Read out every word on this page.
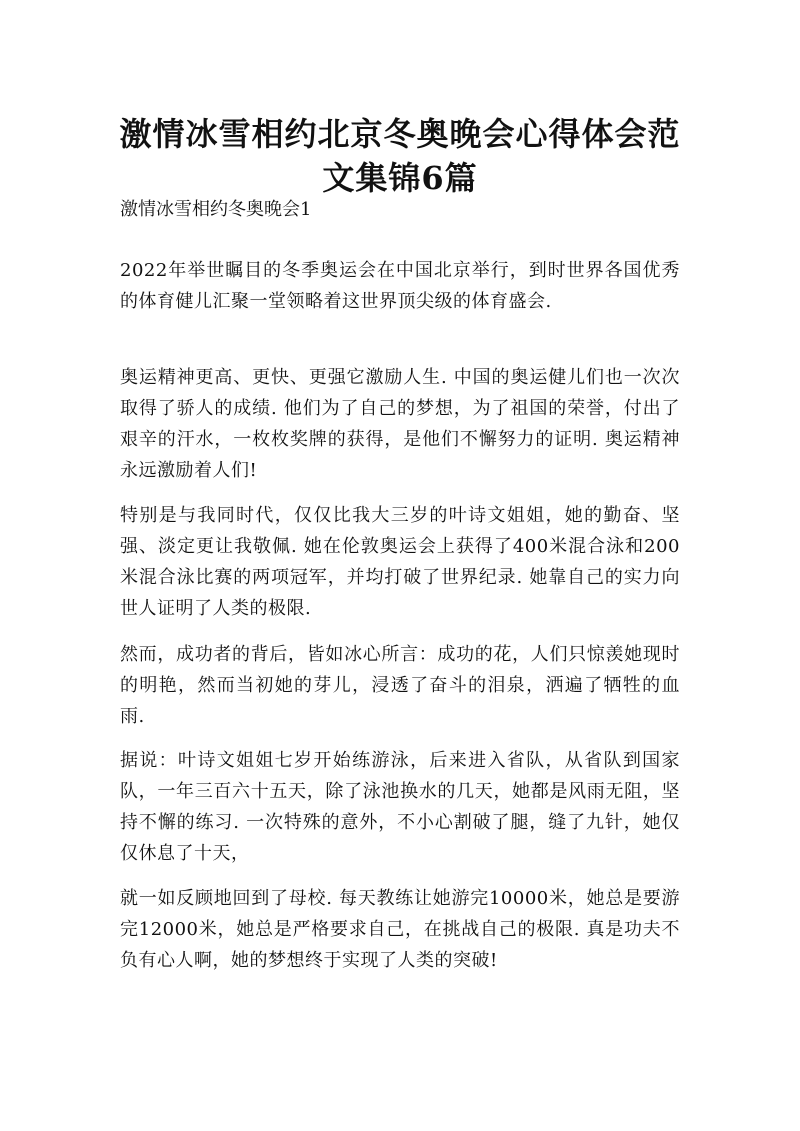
激情冰雪相约北京冬奥晚会心得体会范文集锦6篇

激情冰雪相约冬奥晚会1

2022年举世瞩目的冬季奥运会在中国北京举行，到时世界各国优秀的体育健儿汇聚一堂领略着这世界顶尖级的体育盛会.

奥运精神更高、更快、更强它激励人生. 中国的奥运健儿们也一次次取得了骄人的成绩. 他们为了自己的梦想，为了祖国的荣誉，付出了艰辛的汗水，一枚枚奖牌的获得，是他们不懈努力的证明. 奥运精神永远激励着人们!

特别是与我同时代，仅仅比我大三岁的叶诗文姐姐，她的勤奋、坚强、淡定更让我敬佩. 她在伦敦奥运会上获得了400米混合泳和200米混合泳比赛的两项冠军，并均打破了世界纪录. 她靠自己的实力向世人证明了人类的极限.

然而，成功者的背后，皆如冰心所言：成功的花，人们只惊羡她现时的明艳，然而当初她的芽儿，浸透了奋斗的泪泉，洒遍了牺牲的血雨.

据说：叶诗文姐姐七岁开始练游泳，后来进入省队，从省队到国家队，一年三百六十五天，除了泳池换水的几天，她都是风雨无阻，坚持不懈的练习. 一次特殊的意外，不小心割破了腿，缝了九针，她仅仅休息了十天，

就一如反顾地回到了母校. 每天教练让她游完10000米，她总是要游完12000米，她总是严格要求自己，在挑战自己的极限. 真是功夫不负有心人啊，她的梦想终于实现了人类的突破!
